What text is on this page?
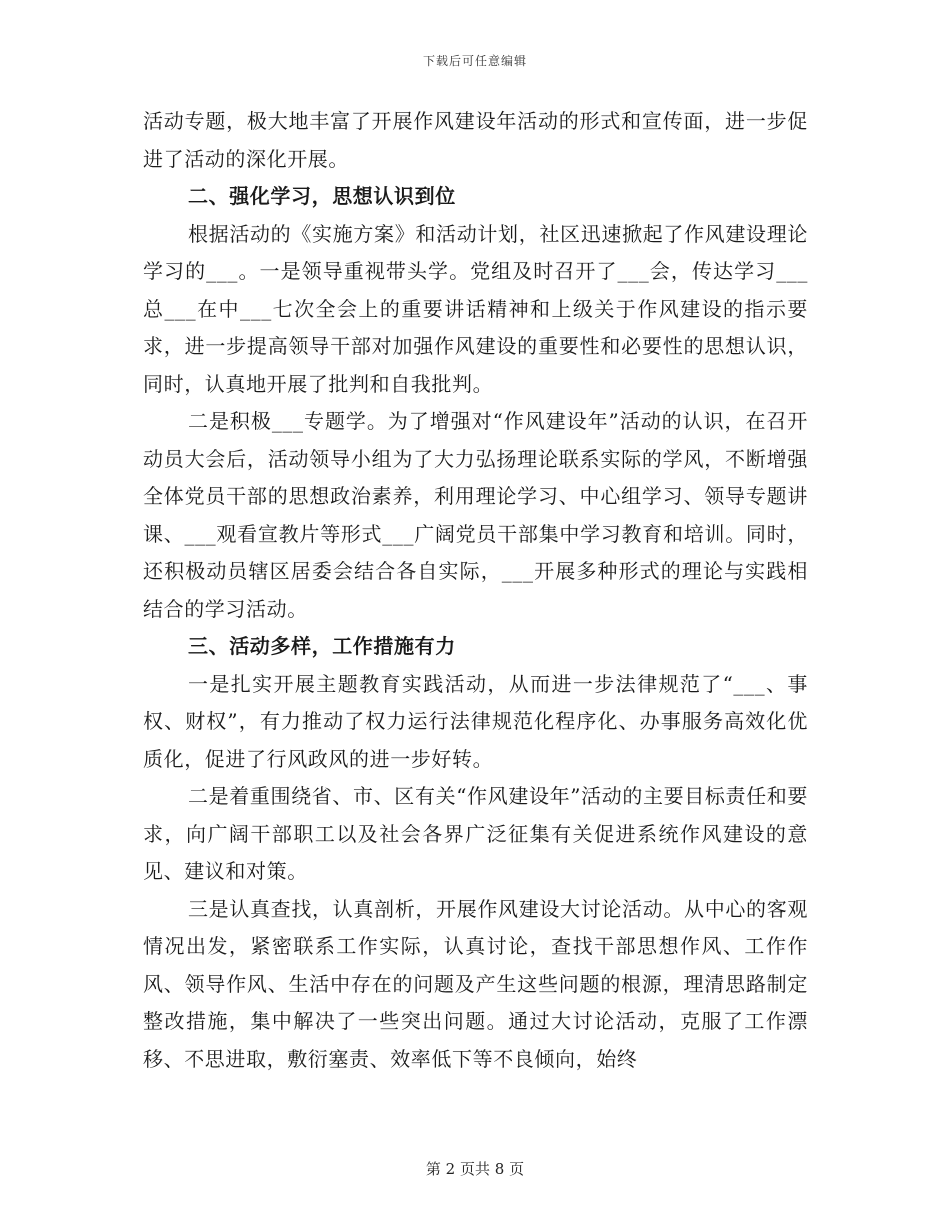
下载后可任意编辑

活动专题，极大地丰富了开展作风建设年活动的形式和宣传面，进一步促进了活动的深化开展。

二、强化学习，思想认识到位

根据活动的《实施方案》和活动计划，社区迅速掀起了作风建设理论学习的___。一是领导重视带头学。党组及时召开了___会，传达学习___总___在中___七次全会上的重要讲话精神和上级关于作风建设的指示要求，进一步提高领导干部对加强作风建设的重要性和必要性的思想认识，同时，认真地开展了批判和自我批判。

二是积极___专题学。为了增强对“作风建设年”活动的认识，在召开动员大会后，活动领导小组为了大力弘扬理论联系实际的学风，不断增强全体党员干部的思想政治素养，利用理论学习、中心组学习、领导专题讲课、___观看宣教片等形式___广阔党员干部集中学习教育和培训。同时，还积极动员辖区居委会结合各自实际，___开展多种形式的理论与实践相结合的学习活动。

三、活动多样，工作措施有力

一是扎实开展主题教育实践活动，从而进一步法律规范了“___、事权、财权”，有力推动了权力运行法律规范化程序化、办事服务高效化优质化，促进了行风政风的进一步好转。

二是着重围绕省、市、区有关“作风建设年”活动的主要目标责任和要求，向广阔干部职工以及社会各界广泛征集有关促进系统作风建设的意见、建议和对策。

三是认真查找，认真剖析，开展作风建设大讨论活动。从中心的客观情况出发，紧密联系工作实际，认真讨论，查找干部思想作风、工作作风、领导作风、生活中存在的问题及产生这些问题的根源，理清思路制定整改措施，集中解决了一些突出问题。通过大讨论活动，克服了工作漂移、不思进取，敷衍塞责、效率低下等不良倾向，始终

第 2 页共 8 页
